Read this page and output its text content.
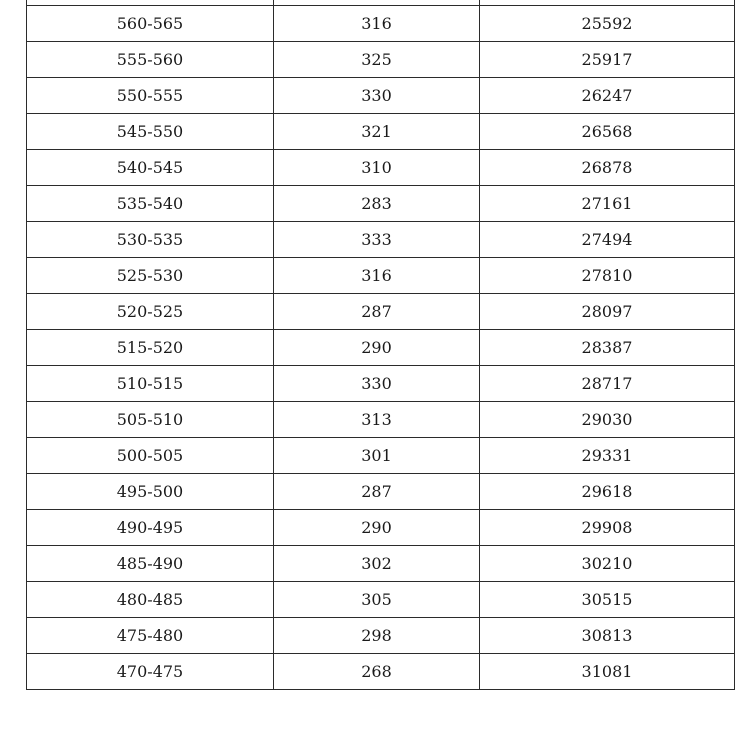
560-565	316	25592
555-560	325	25917
550-555	330	26247
545-550	321	26568
540-545	310	26878
535-540	283	27161
530-535	333	27494
525-530	316	27810
520-525	287	28097
515-520	290	28387
510-515	330	28717
505-510	313	29030
500-505	301	29331
495-500	287	29618
490-495	290	29908
485-490	302	30210
480-485	305	30515
475-480	298	30813
470-475	268	31081
